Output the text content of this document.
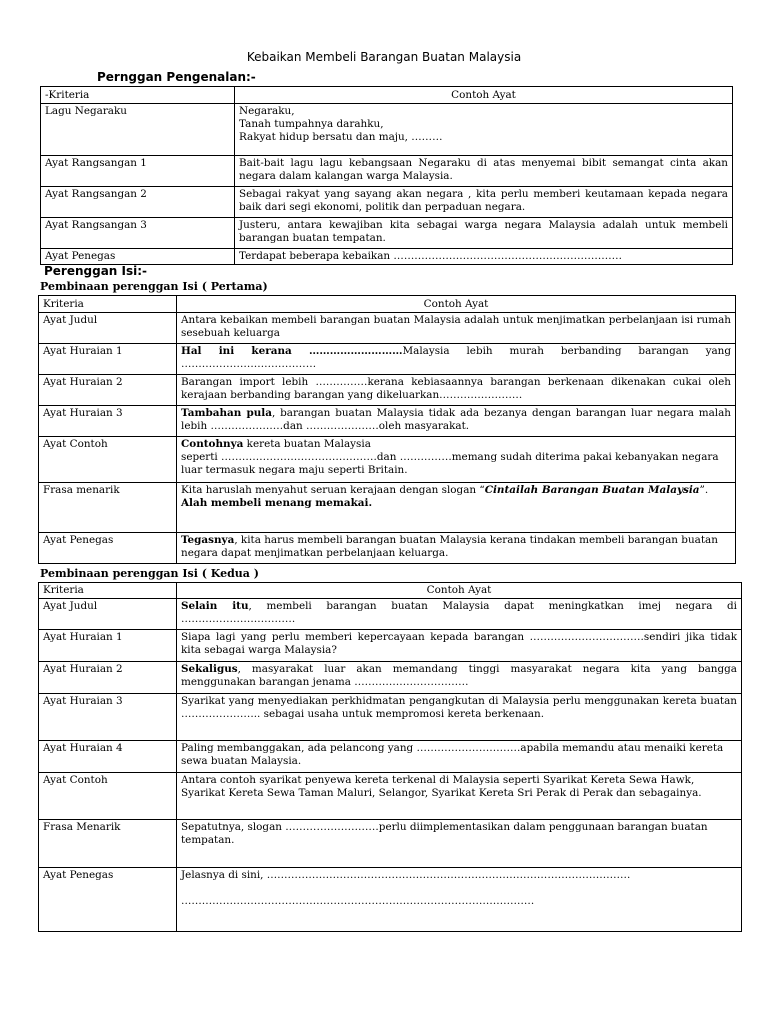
Kebaikan Membeli Barangan Buatan Malaysia
Pernggan Pengenalan:-
-Kriteria	Contoh Ayat
Lagu Negaraku	Negaraku,
Tanah tumpahnya darahku,
Rakyat hidup bersatu dan maju, ………

Ayat Rangsangan 1	Bait-bait lagu lagu kebangsaan Negaraku di atas menyemai bibit semangat cinta akan negara dalam kalangan warga Malaysia.
Ayat Rangsangan 2	Sebagai rakyat yang sayang akan negara , kita perlu memberi keutamaan kepada negara baik dari segi ekonomi, politik dan perpaduan negara.
Ayat Rangsangan 3	Justeru, antara kewajiban kita sebagai warga negara Malaysia adalah untuk membeli barangan buatan tempatan.
Ayat Penegas	Terdapat beberapa kebaikan …………………………………………………………
Perenggan Isi:-
Pembinaan perenggan Isi ( Pertama)
Kriteria	Contoh Ayat
Ayat Judul	Antara kebaikan membeli barangan buatan Malaysia adalah untuk menjimatkan perbelanjaan isi rumah sesebuah keluarga
Ayat Huraian 1	Hal ini kerana ………………………Malaysia lebih murah berbanding barangan yang …………………………………
Ayat Huraian 2	Barangan import lebih ……………kerana kebiasaannya barangan berkenaan dikenakan cukai oleh kerajaan berbanding barangan yang dikeluarkan……………………
Ayat Huraian 3	Tambahan pula, barangan buatan Malaysia tidak ada bezanya dengan barangan luar negara malah lebih …………………dan …………………oleh masyarakat.
Ayat Contoh	Contohnya kereta buatan Malaysia
seperti ………………………………………dan ……………memang sudah diterima pakai kebanyakan negara luar termasuk negara maju seperti Britain.
Frasa menarik	Kita haruslah menyahut seruan kerajaan dengan slogan “Cintailah Barangan Buatan Malaysia”. Alah membeli menang memakai.
Ayat Penegas	Tegasnya, kita harus membeli barangan buatan Malaysia kerana tindakan membeli barangan buatan negara dapat menjimatkan perbelanjaan keluarga.
Pembinaan perenggan Isi ( Kedua )
Kriteria	Contoh Ayat
Ayat Judul	Selain itu, membeli barangan buatan Malaysia dapat meningkatkan imej negara di ……………………………
Ayat Huraian 1	Siapa lagi yang perlu memberi kepercayaan kepada barangan ……………………………sendiri jika tidak kita sebagai warga Malaysia?
Ayat Huraian 2	Sekaligus, masyarakat luar akan memandang tinggi masyarakat negara kita yang bangga menggunakan barangan jenama ……………………………
Ayat Huraian 3	Syarikat yang menyediakan perkhidmatan pengangkutan di Malaysia perlu menggunakan kereta buatan ………………….. sebagai usaha untuk mempromosi kereta berkenaan.
Ayat Huraian 4	Paling membanggakan, ada pelancong yang …………………………apabila memandu atau menaiki kereta sewa buatan Malaysia.
Ayat Contoh	Antara contoh syarikat penyewa kereta terkenal di Malaysia seperti Syarikat Kereta Sewa Hawk, Syarikat Kereta Sewa Taman Maluri, Selangor, Syarikat Kereta Sri Perak di Perak dan sebagainya.
Frasa Menarik	Sepatutnya, slogan ………………………perlu diimplementasikan dalam penggunaan barangan buatan tempatan.
Ayat Penegas	Jelasnya di sini, ……………………………………………………………………………………………
…………………………………………………………………………………………
